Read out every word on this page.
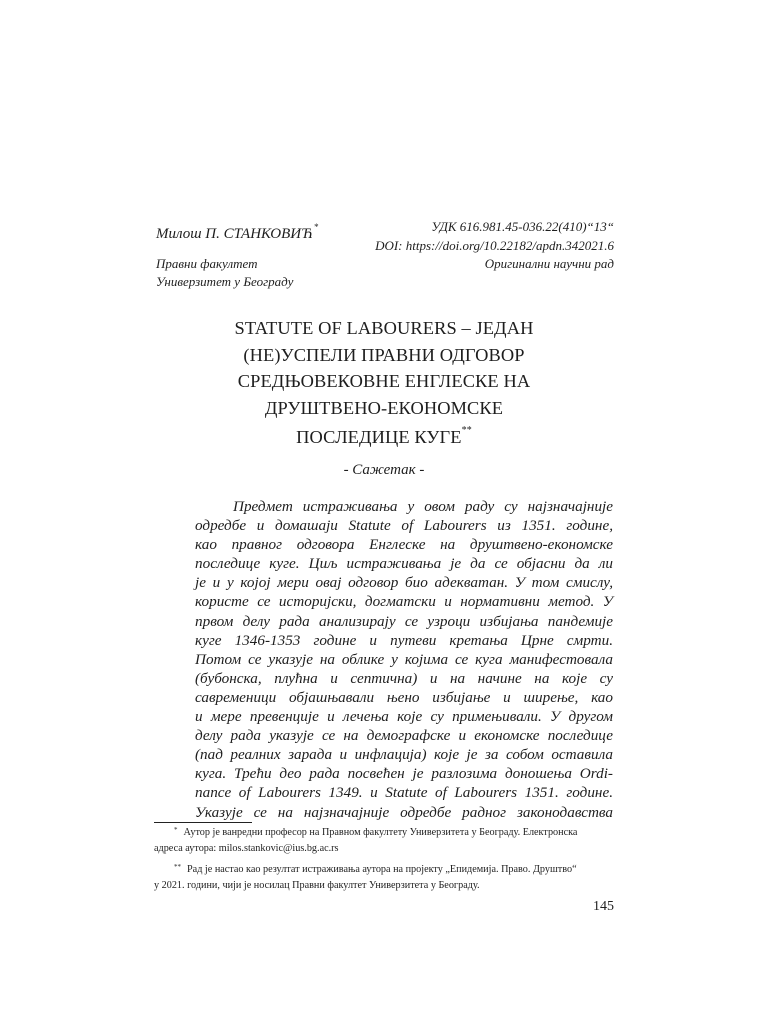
Милош П. СТАНКОВИЋ*

Правни факултет

Универзитет у Београду

УДК 616.981.45-036.22(410)“13“

DOI: https://doi.org/10.22182/apdn.342021.6

Оригинални научни рад

STATUTE OF LABOURERS – ЈЕДАН

(НЕ)УСПЕЛИ ПРАВНИ ОДГОВОР

СРЕДЊОВЕКОВНЕ ЕНГЛЕСКЕ НА

ДРУШТВЕНО-ЕКОНОМСКЕ

ПОСЛЕДИЦЕ КУГЕ**

- Сажетак -

Предмет истраживања у овом раду су најзначајније

одредбе и домашаји Statute of Labourers из 1351. године,

као правног одговора Енглеске на друштвено-економске

последице куге. Циљ истраживања је да се објасни да ли

је и у којој мери овај одговор био адекватан. У том смислу,

користе се историјски, догматски и нормативни метод. У

првом делу рада анализирају се узроци избијања пандемије

куге 1346-1353 године и путеви кретања Црне смрти.

Потом се указује на облике у којима се куга манифестовала

(бубонска, плућна и септична) и на начине на које су

савременици објашњавали њено избијање и ширење, као

и мере превенције и лечења које су примењивали. У другом

делу рада указује се на демографске и економске последице

(пад реалних зарада и инфлација) које је за собом оставила

куга. Трећи део рада посвећен је разлозима доношења Ordi-

nance of Labourers 1349. и Statute of Labourers 1351. године.

Указује се на најзначајније одредбе радног законодавства

* Аутор је ванредни професор на Правном факултету Универзитета у Београду. Електронска
адреса аутора: milos.stankovic@ius.bg.ac.rs

** Рад је настао као резултат истраживања аутора на пројекту „Епидемија. Право. Друштво“
у 2021. години, чији је носилац Правни факултет Универзитета у Београду.

145
